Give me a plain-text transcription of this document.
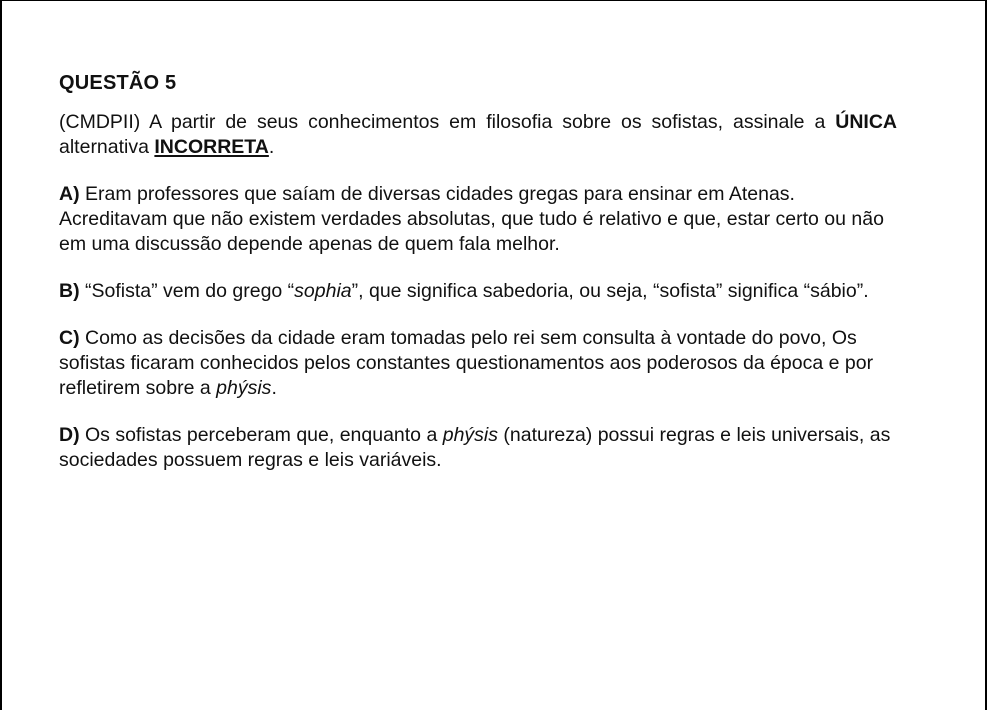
QUESTÃO 5

(CMDPII) A partir de seus conhecimentos em filosofia sobre os sofistas, assinale a ÚNICA alternativa INCORRETA.

A) Eram professores que saíam de diversas cidades gregas para ensinar em Atenas. Acreditavam que não existem verdades absolutas, que tudo é relativo e que, estar certo ou não em uma discussão depende apenas de quem fala melhor.

B) “Sofista” vem do grego “sophia”, que significa sabedoria, ou seja, “sofista” significa “sábio”.

C) Como as decisões da cidade eram tomadas pelo rei sem consulta à vontade do povo, Os sofistas ficaram conhecidos pelos constantes questionamentos aos poderosos da época e por refletirem sobre a phýsis.

D) Os sofistas perceberam que, enquanto a phýsis (natureza) possui regras e leis universais, as sociedades possuem regras e leis variáveis.
